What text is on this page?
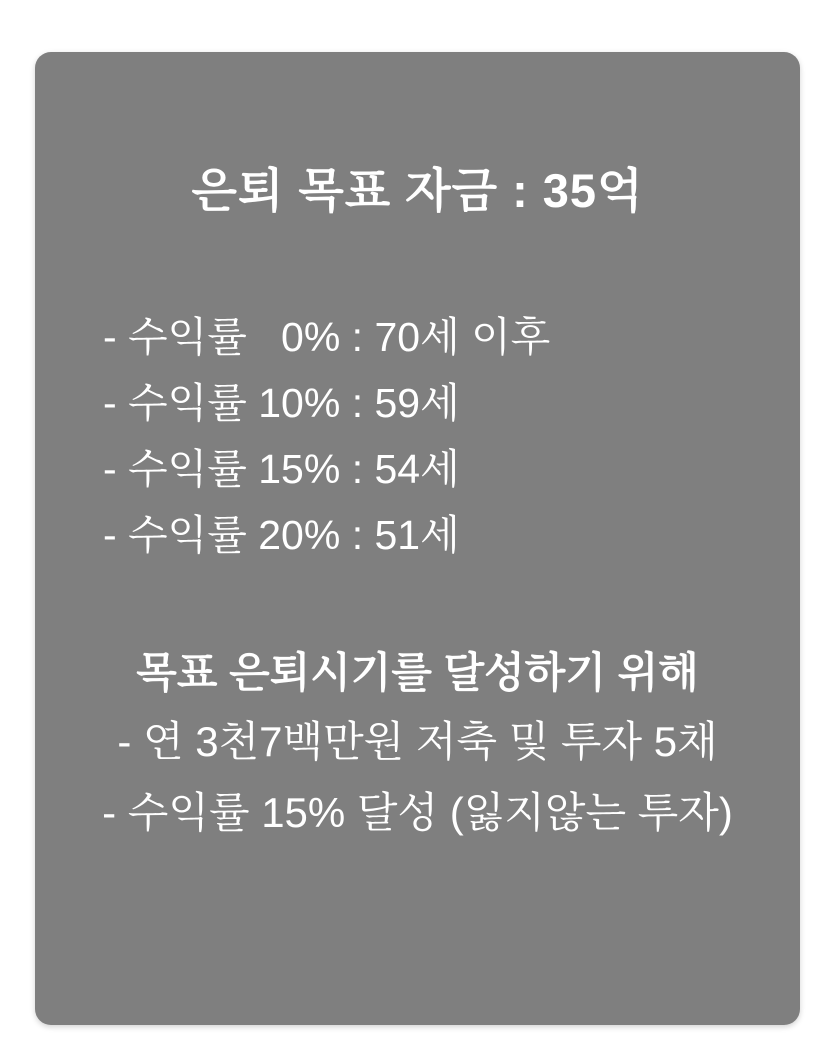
은퇴 목표 자금 : 35억
- 수익률   0% : 70세 이후
- 수익률 10% : 59세
- 수익률 15% : 54세
- 수익률 20% : 51세
목표 은퇴시기를 달성하기 위해
- 연 3천7백만원 저축 및 투자 5채
- 수익률 15% 달성 (잃지않는 투자)
